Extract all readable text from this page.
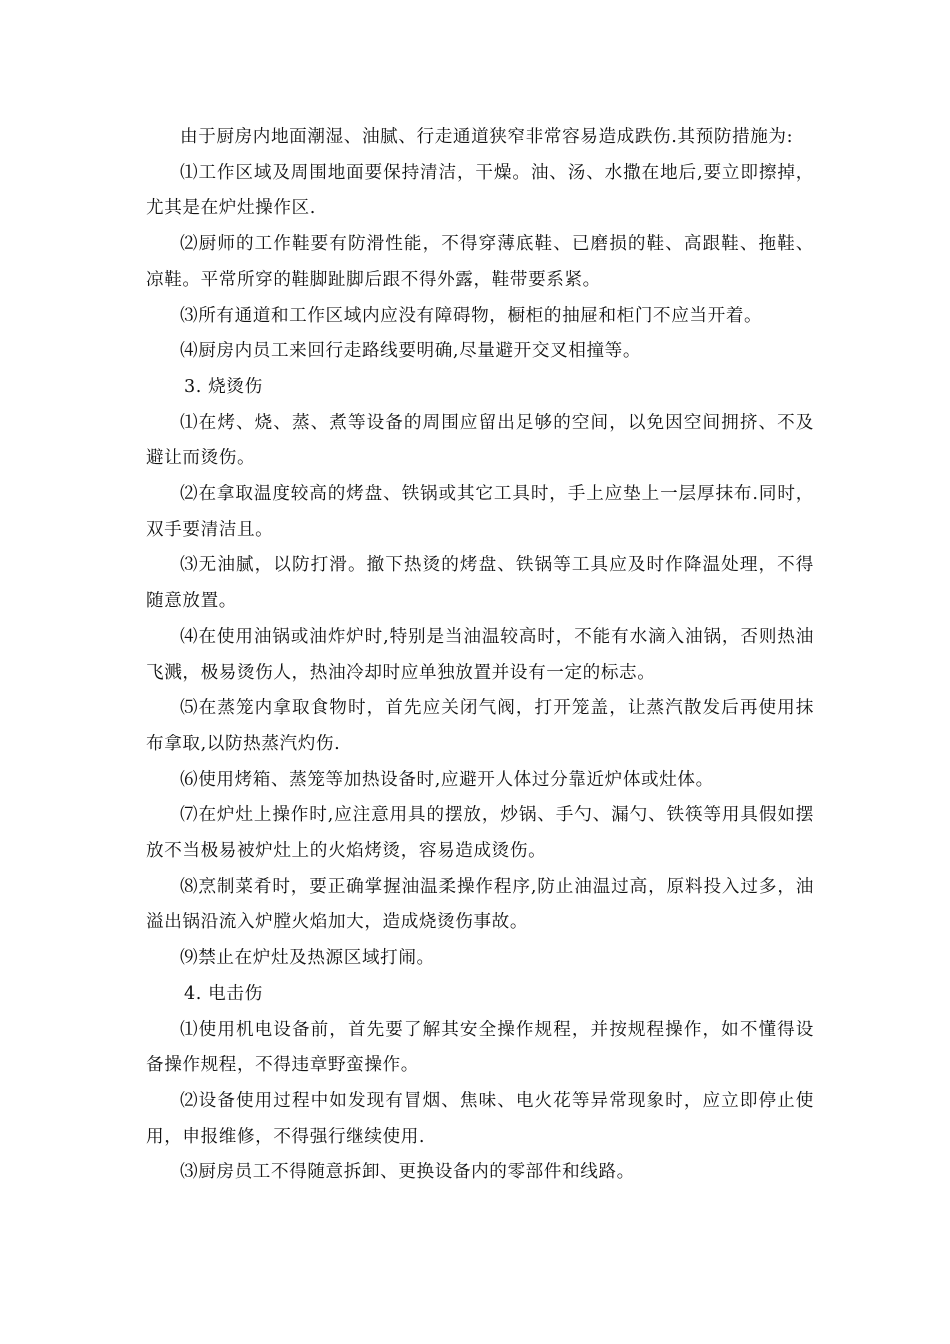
由于厨房内地面潮湿、油腻、行走通道狭窄非常容易造成跌伤.其预防措施为:

⑴工作区域及周围地面要保持清洁，干燥。油、汤、水撒在地后,要立即擦掉，尤其是在炉灶操作区.

⑵厨师的工作鞋要有防滑性能，不得穿薄底鞋、已磨损的鞋、高跟鞋、拖鞋、凉鞋。平常所穿的鞋脚趾脚后跟不得外露，鞋带要系紧。

⑶所有通道和工作区域内应没有障碍物，橱柜的抽屉和柜门不应当开着。

⑷厨房内员工来回行走路线要明确,尽量避开交叉相撞等。

3. 烧烫伤

⑴在烤、烧、蒸、煮等设备的周围应留出足够的空间，以免因空间拥挤、不及避让而烫伤。

⑵在拿取温度较高的烤盘、铁锅或其它工具时，手上应垫上一层厚抹布.同时，双手要清洁且。

⑶无油腻，以防打滑。撤下热烫的烤盘、铁锅等工具应及时作降温处理，不得随意放置。

⑷在使用油锅或油炸炉时,特别是当油温较高时，不能有水滴入油锅，否则热油飞溅，极易烫伤人，热油冷却时应单独放置并设有一定的标志。

⑸在蒸笼内拿取食物时，首先应关闭气阀，打开笼盖，让蒸汽散发后再使用抹布拿取,以防热蒸汽灼伤.

⑹使用烤箱、蒸笼等加热设备时,应避开人体过分靠近炉体或灶体。

⑺在炉灶上操作时,应注意用具的摆放，炒锅、手勺、漏勺、铁筷等用具假如摆放不当极易被炉灶上的火焰烤烫，容易造成烫伤。

⑻烹制菜肴时，要正确掌握油温柔操作程序,防止油温过高，原料投入过多，油溢出锅沿流入炉膛火焰加大，造成烧烫伤事故。

⑼禁止在炉灶及热源区域打闹。

4. 电击伤

⑴使用机电设备前，首先要了解其安全操作规程，并按规程操作，如不懂得设备操作规程，不得违章野蛮操作。

⑵设备使用过程中如发现有冒烟、焦味、电火花等异常现象时，应立即停止使用，申报维修，不得强行继续使用.

⑶厨房员工不得随意拆卸、更换设备内的零部件和线路。
